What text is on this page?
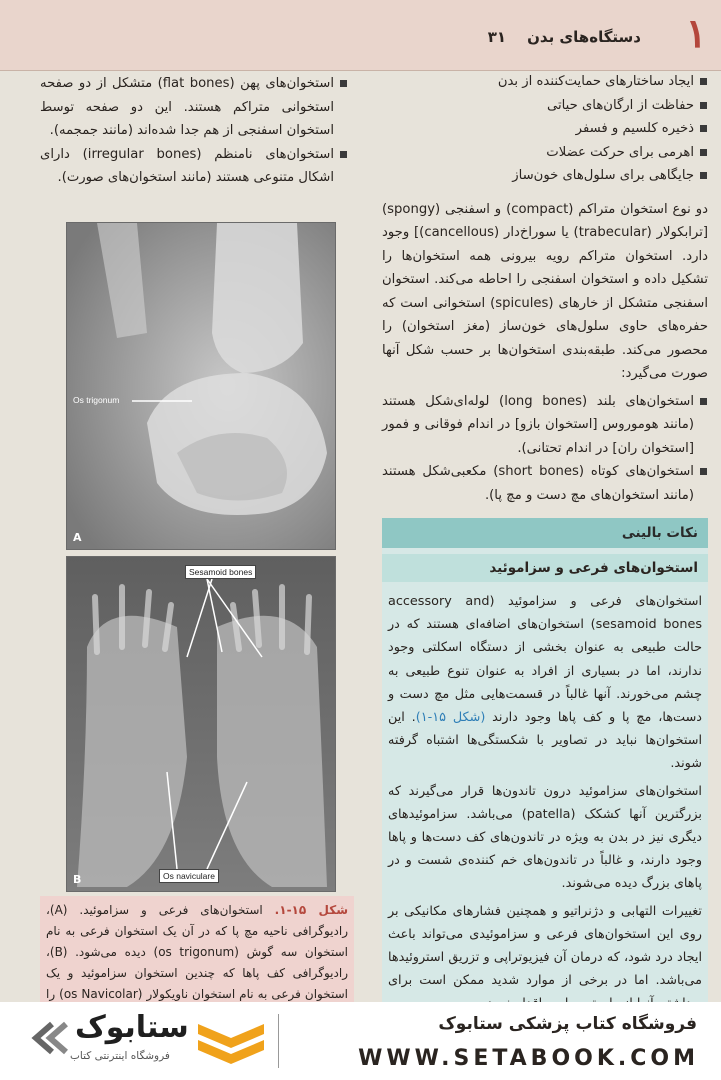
۱
دستگاه‌های بدن
۳۱
ایجاد ساختارهای حمایت‌کننده از بدن
حفاظت از ارگان‌های حیاتی
ذخیره کلسیم و فسفر
اهرمی برای حرکت عضلات
جایگاهی برای سلول‌های خون‌ساز

دو نوع استخوان متراکم (compact) و اسفنجی (spongy) [ترابکولار (trabecular) یا سوراخ‌دار (cancellous)] وجود دارد. استخوان متراکم رویه بیرونی همه استخوان‌ها را تشکیل داده و استخوان اسفنجی را احاطه می‌کند. استخوان اسفنجی متشکل از خارهای (spicules) استخوانی است که حفره‌های حاوی سلول‌های خون‌ساز (مغز استخوان) را محصور می‌کند. طبقه‌بندی استخوان‌ها بر حسب شکل آنها صورت می‌گیرد:

استخوان‌های بلند (long bones) لوله‌ای‌شکل هستند (مانند هوموروس [استخوان بازو] در اندام فوقانی و فمور [استخوان ران] در اندام تحتانی).
استخوان‌های کوتاه (short bones) مکعبی‌شکل هستند (مانند استخوان‌های مچ دست و مچ پا).
استخوان‌های پهن (flat bones) متشکل از دو صفحه استخوانی متراکم هستند. این دو صفحه توسط استخوان اسفنجی از هم جدا شده‌اند (مانند جمجمه).
استخوان‌های نامنظم (irregular bones) دارای اشکال متنوعی هستند (مانند استخوان‌های صورت).
Os trigonum
A
Sesamoid bones
Os naviculare
B
شکل ۱۵-۱. استخوان‌های فرعی و سزاموئید. (A)، رادیوگرافی ناحیه مچ پا که در آن یک استخوان فرعی به نام استخوان سه گوش (os trigonum) دیده می‌شود. (B)، رادیوگرافی کف پاها که چندین استخوان سزاموئید و یک استخوان فرعی به نام استخوان ناویکولار (os Navicolar) را
نکات بالینی
استخوان‌های فرعی و سزاموئید

استخوان‌های فرعی و سزاموئید (accessory and sesamoid bones) استخوان‌های اضافه‌ای هستند که در حالت طبیعی به عنوان بخشی از دستگاه اسکلتی وجود ندارند، اما در بسیاری از افراد به عنوان تنوع طبیعی به چشم می‌خورند. آنها غالباً در قسمت‌هایی مثل مچ دست و دست‌ها، مچ پا و کف پاها وجود دارند (شکل ۱۵-۱). این استخوان‌ها نباید در تصاویر با شکستگی‌ها اشتباه گرفته شوند.

استخوان‌های سزاموئید درون تاندون‌ها قرار می‌گیرند که بزرگترین آنها کشکک (patella) می‌باشد. سزاموئیدهای دیگری نیز در بدن به ویژه در تاندون‌های کف دست‌ها و پاها وجود دارند، و غالباً در تاندون‌های خم کننده‌ی شست و در پاهای بزرگ دیده می‌شوند.

تغییرات التهابی و دژنراتیو و همچنین فشارهای مکانیکی بر روی این استخوان‌های فرعی و سزاموئیدی می‌تواند باعث ایجاد درد شود، که درمان آن فیزیوتراپی و تزریق استروئیدها می‌باشد. اما در برخی از موارد شدید ممکن است برای

ستابوک
فروشگاه اینترنتی کتاب
فروشگاه کتاب پزشکی ستابوک
WWW.SETABOOK.COM
